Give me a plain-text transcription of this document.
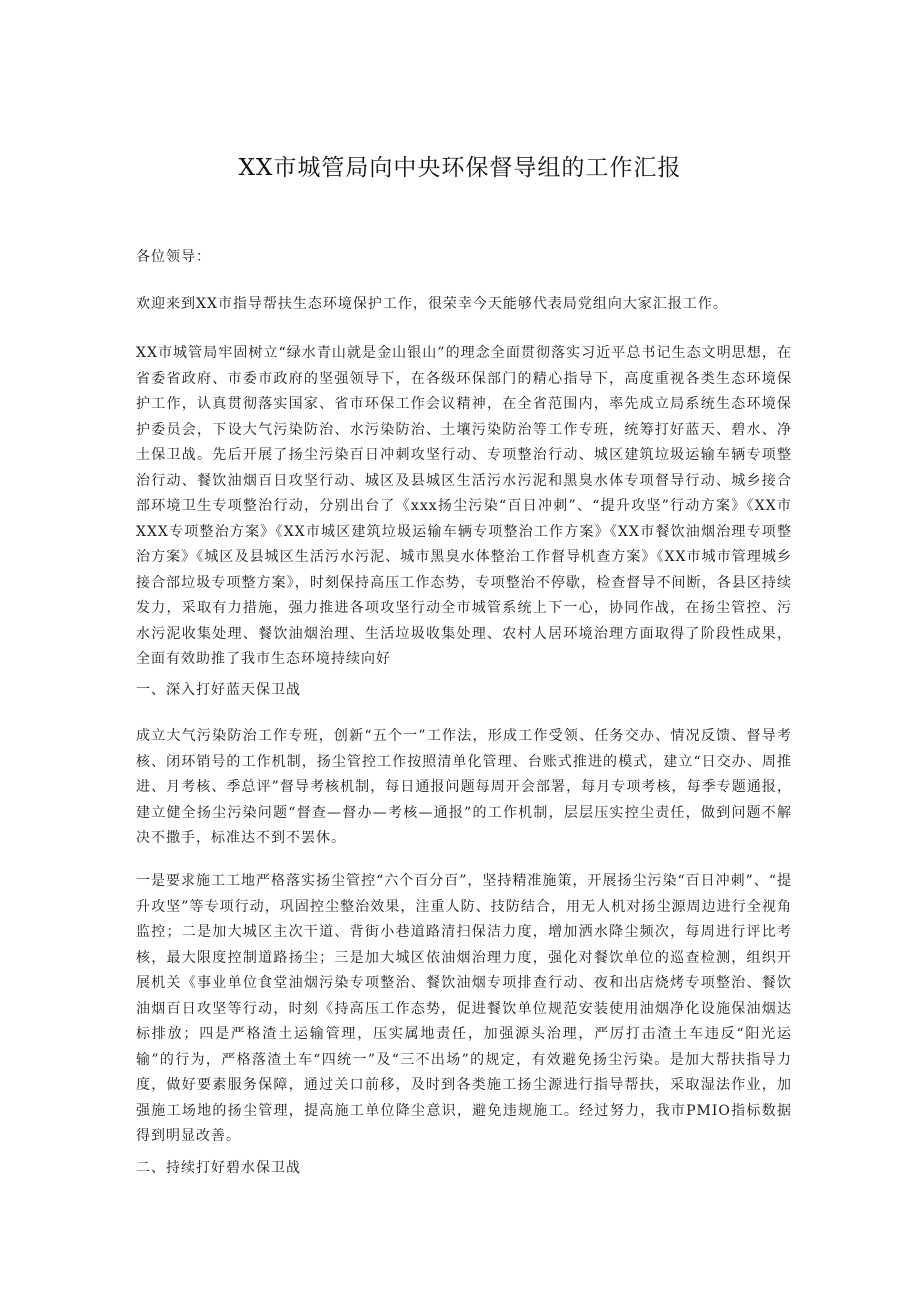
XX市城管局向中央环保督导组的工作汇报

各位领导：

欢迎来到XX市指导帮扶生态环境保护工作，很荣幸今天能够代表局党组向大家汇报工作。

XX市城管局牢固树立“绿水青山就是金山银山”的理念全面贯彻落实习近平总书记生态文明思想，在省委省政府、市委市政府的坚强领导下，在各级环保部门的精心指导下，高度重视各类生态环境保护工作，认真贯彻落实国家、省市环保工作会议精神，在全省范围内，率先成立局系统生态环境保护委员会，下设大气污染防治、水污染防治、土壤污染防治等工作专班，统筹打好蓝天、碧水、净土保卫战。先后开展了扬尘污染百日冲刺攻坚行动、专项整治行动、城区建筑垃圾运输车辆专项整治行动、餐饮油烟百日攻坚行动、城区及县城区生活污水污泥和黑臭水体专项督导行动、城乡接合部环境卫生专项整治行动，分别出台了《xxx扬尘污染“百日冲刺”、“提升攻坚”行动方案》《XX市XXX专项整治方案》《XX市城区建筑垃圾运输车辆专项整治工作方案》《XX市餐饮油烟治理专项整治方案》《城区及县城区生活污水污泥、城市黑臭水体整治工作督导机查方案》《XX市城市管理城乡接合部垃圾专项整方案》，时刻保持高压工作态势，专项整治不停歇，检查督导不间断，各县区持续发力，采取有力措施，强力推进各项攻坚行动全市城管系统上下一心，协同作战，在扬尘管控、污水污泥收集处理、餐饮油烟治理、生活垃圾收集处理、农村人居环境治理方面取得了阶段性成果，全面有效助推了我市生态环境持续向好

一、深入打好蓝天保卫战

成立大气污染防治工作专班，创新“五个一”工作法，形成工作受领、任务交办、情况反馈、督导考核、闭环销号的工作机制，扬尘管控工作按照清单化管理、台账式推进的模式，建立“日交办、周推进、月考核、季总评”督导考核机制，每日通报问题每周开会部署，每月专项考核，每季专题通报，建立健全扬尘污染问题“督查—督办—考核—通报”的工作机制，层层压实控尘责任，做到问题不解决不撒手，标准达不到不罢休。

一是要求施工工地严格落实扬尘管控“六个百分百”，坚持精准施策，开展扬尘污染“百日冲刺”、“提升攻坚”等专项行动，巩固控尘整治效果，注重人防、技防结合，用无人机对扬尘源周边进行全视角监控；二是加大城区主次干道、背街小巷道路清扫保洁力度，增加洒水降尘频次，每周进行评比考核，最大限度控制道路扬尘；三是加大城区依油烟治理力度，强化对餐饮单位的巡查检测，组织开展机关《事业单位食堂油烟污染专项整治、餐饮油烟专项排查行动、夜和出店烧烤专项整治、餐饮油烟百日攻坚等行动，时刻《持高压工作态势，促进餐饮单位规范安装使用油烟净化设施保油烟达标排放；四是严格渣土运输管理，压实属地责任，加强源头治理，严厉打击渣土车违反“阳光运输”的行为，严格落渣土车“四统一”及“三不出场”的规定，有效避免扬尘污染。是加大帮扶指导力度，做好要素服务保障，通过关口前移，及时到各类施工扬尘源进行指导帮扶，采取湿法作业，加强施工场地的扬尘管理，提高施工单位降尘意识，避免违规施工。经过努力，我市PMIO指标数据得到明显改善。

二、持续打好碧水保卫战
